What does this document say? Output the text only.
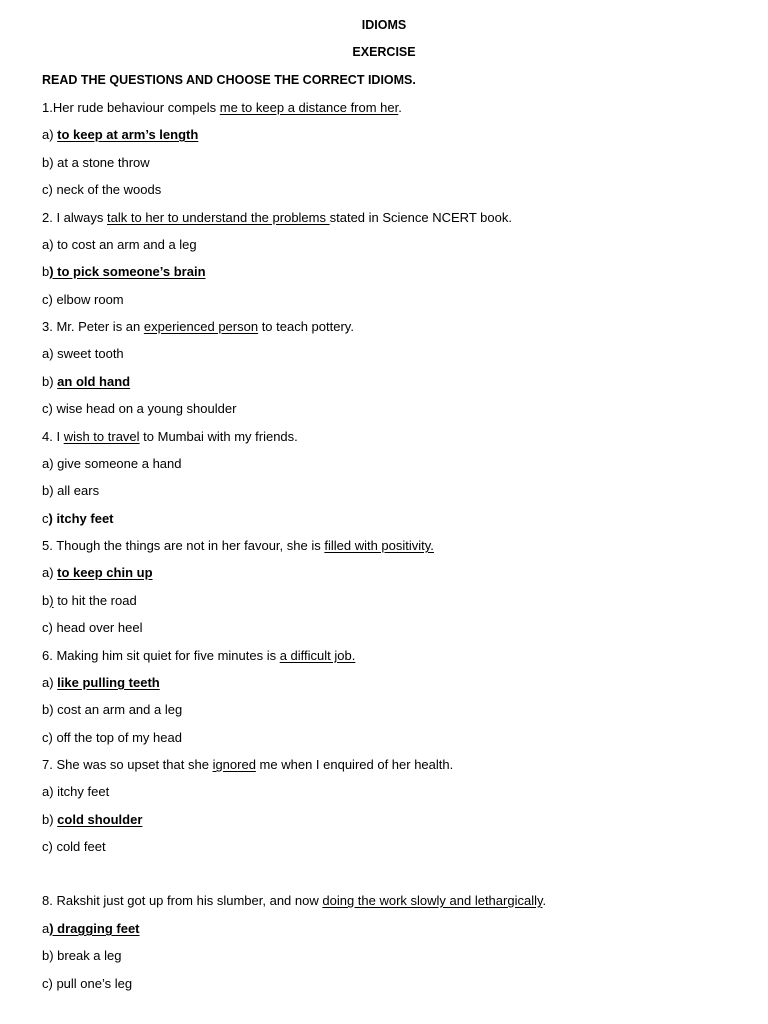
IDIOMS
EXERCISE
READ THE QUESTIONS AND CHOOSE THE CORRECT IDIOMS.
1.Her rude behaviour compels me to keep a distance from her.
a) to keep at arm’s length
b) at a stone throw
c) neck of the woods
2. I always talk to her to understand the problems stated in Science NCERT book.
a) to cost an arm and a leg
b) to pick someone’s brain
c) elbow room
3. Mr. Peter is an experienced person to teach pottery.
a) sweet tooth
b) an old hand
c) wise head on a young shoulder
4. I wish to travel to Mumbai with my friends.
a) give someone a hand
b) all ears
c) itchy feet
5. Though the things are not in her favour, she is filled with positivity.
a) to keep chin up
b) to hit the road
c) head over heel
6. Making him sit quiet for five minutes is a difficult job.
a) like pulling teeth
b) cost an arm and a leg
c) off the top of my head
7. She was so upset that she ignored me when I enquired of her health.
a) itchy feet
b) cold shoulder
c) cold feet
8. Rakshit just got up from his slumber, and now doing the work slowly and lethargically.
a) dragging feet
b) break a leg
c) pull one’s leg
